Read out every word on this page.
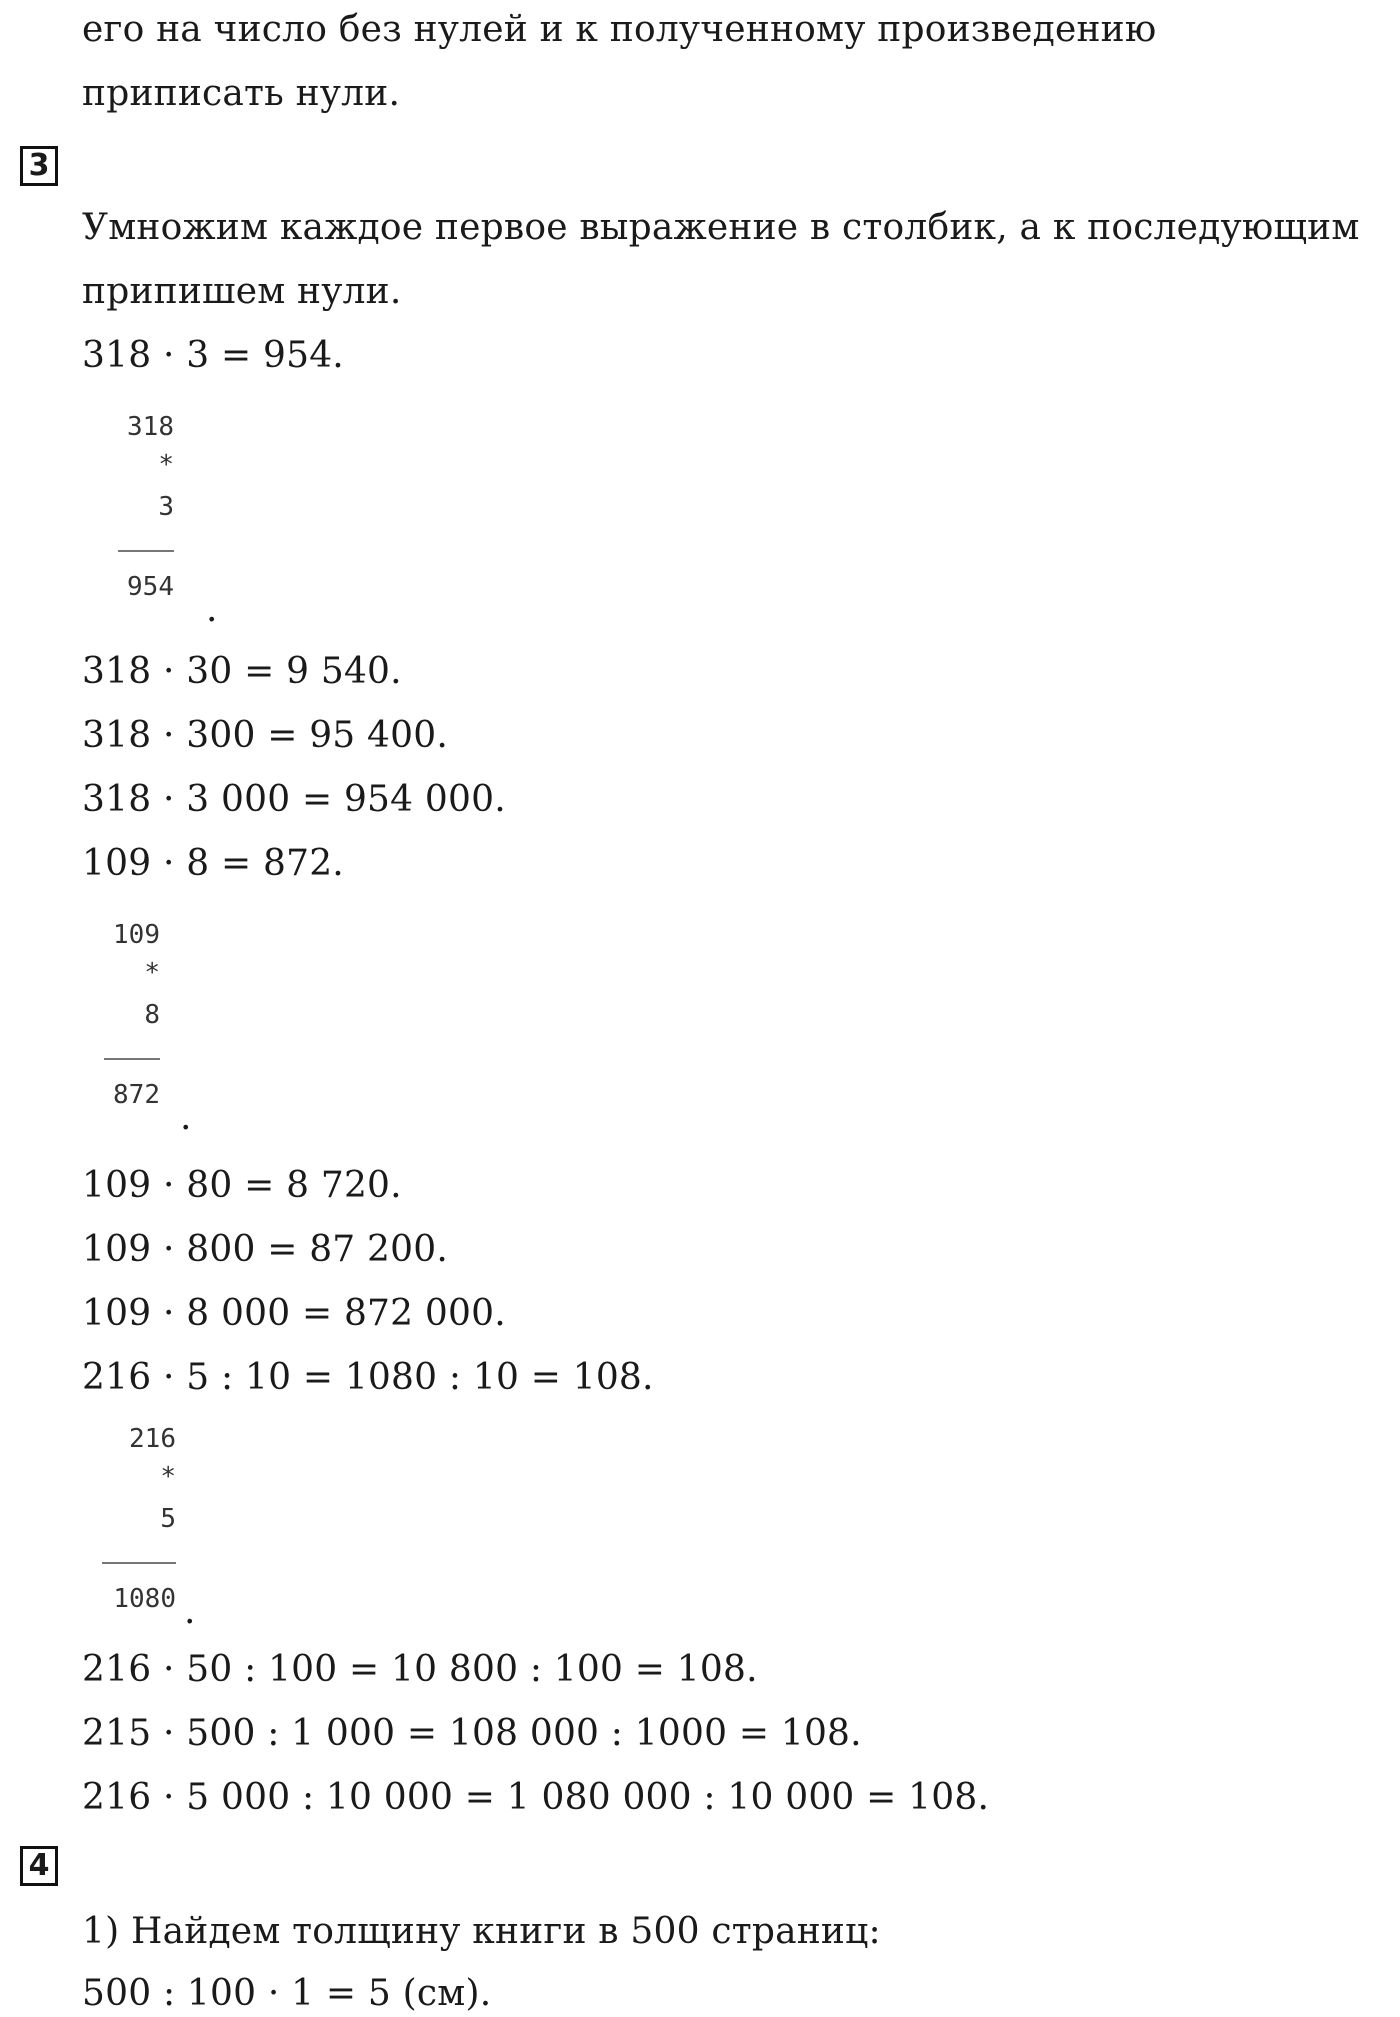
его на число без нулей и к полученному произведению
приписать нули.
3
Умножим каждое первое выражение в столбик, а к последующим
припишем нули.
318 · 3 = 954.
318
*
3
954
.
318 · 30 = 9 540.
318 · 300 = 95 400.
318 · 3 000 = 954 000.
109 · 8 = 872.
109
*
8
872
.
109 · 80 = 8 720.
109 · 800 = 87 200.
109 · 8 000 = 872 000.
216 · 5 : 10 = 1080 : 10 = 108.
216
*
5
1080 .
216 · 50 : 100 = 10 800 : 100 = 108.
215 · 500 : 1 000 = 108 000 : 1000 = 108.
216 · 5 000 : 10 000 = 1 080 000 : 10 000 = 108.
4
1) Найдем толщину книги в 500 страниц:
500 : 100 · 1 = 5 (см).
